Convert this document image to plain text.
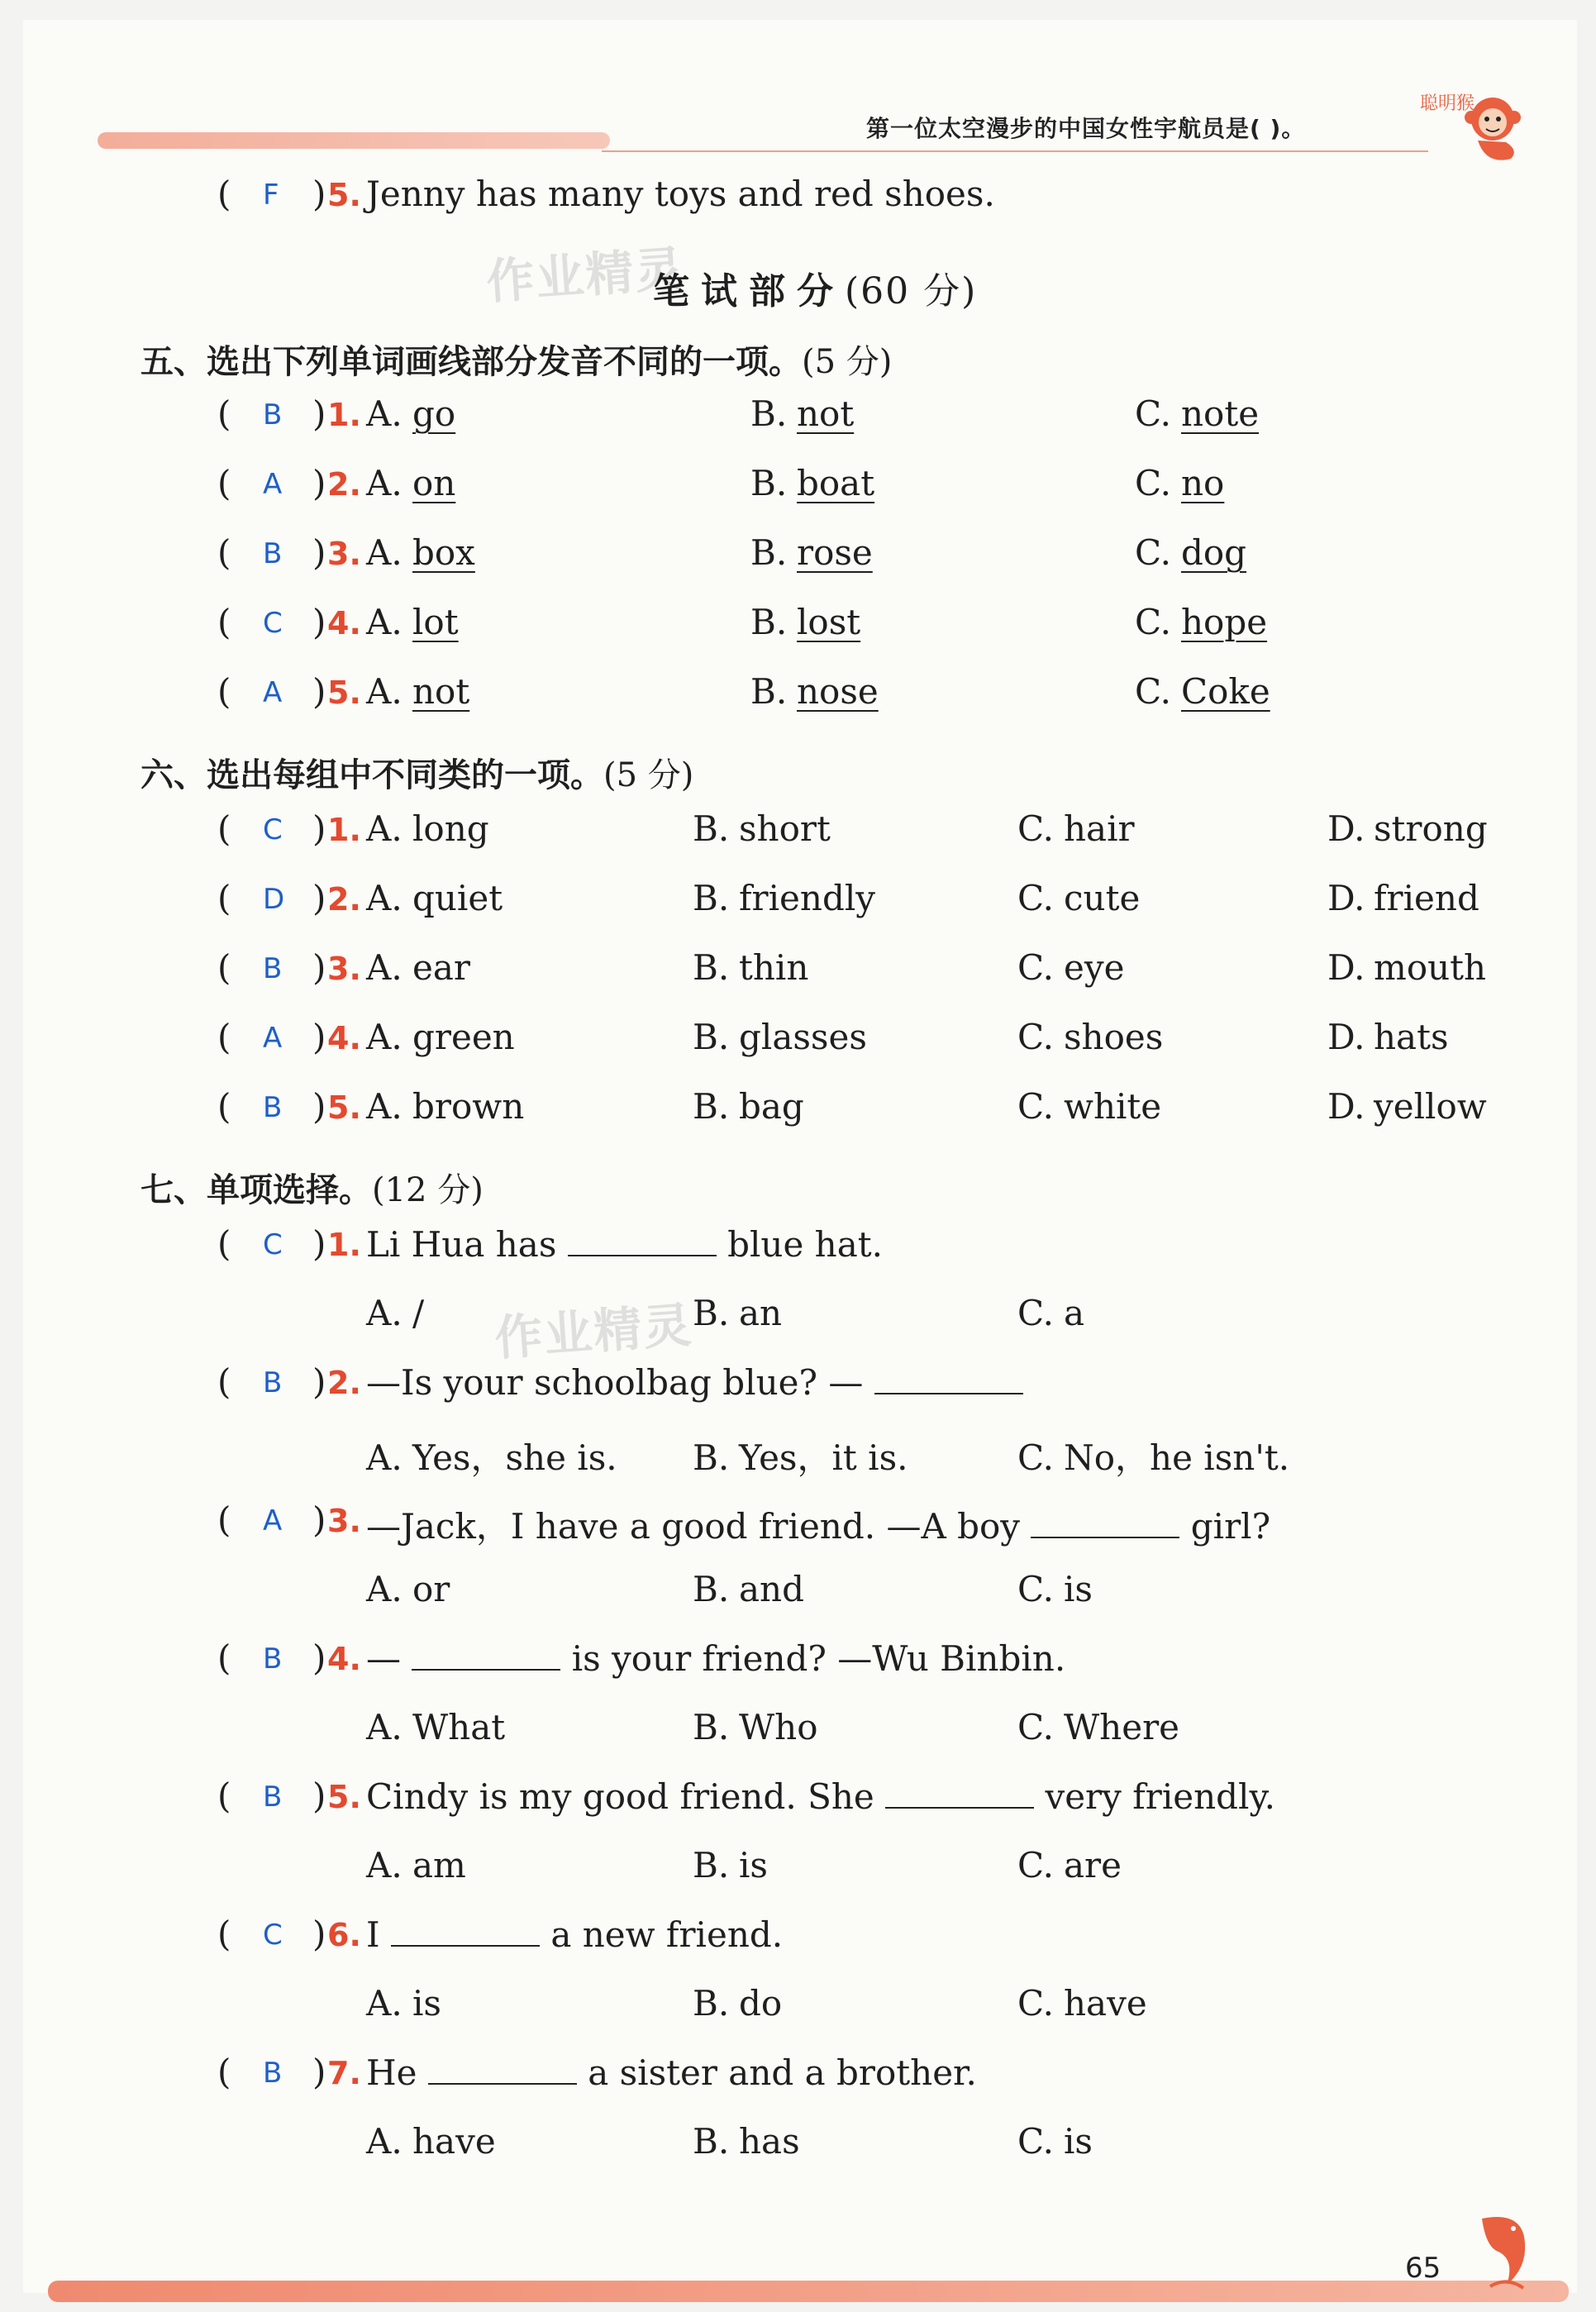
第一位太空漫步的中国女性宇航员是( )。
聪明猴
( F ) 5. Jenny has many toys and red shoes.
作业精灵
笔试部分(60 分)
五、选出下列单词画线部分发音不同的一项。(5 分)
( B ) 1. A. go	B. not	C. note
( A ) 2. A. on	B. boat	C. no
( B ) 3. A. box	B. rose	C. dog
( C ) 4. A. lot	B. lost	C. hope
( A ) 5. A. not	B. nose	C. Coke
六、选出每组中不同类的一项。(5 分)
( C ) 1. A. long	B. short	C. hair	D. strong
( D ) 2. A. quiet	B. friendly	C. cute	D. friend
( B ) 3. A. ear	B. thin	C. eye	D. mouth
( A ) 4. A. green	B. glasses	C. shoes	D. hats
( B ) 5. A. brown	B. bag	C. white	D. yellow
七、单项选择。(12 分)
( C ) 1. Li Hua has	blue hat.
A. /	B. an	C. a
( B ) 2. —Is your schoolbag blue? —
A. Yes，she is. B. Yes，it is.	C. No，he isn't.
( A ) 3. —Jack，I have a good friend. —A boy	girl?
A. or	B. and	C. is
( B ) 4. —	is your friend? —Wu Binbin.
A. What	B. Who	C. Where
( B ) 5. Cindy is my good friend. She	very friendly.
A. am	B. is	C. are
( C ) 6. I	a new friend.
A. is	B. do	C. have
( B ) 7. He	a sister and a brother.
A. have	B. has	C. is
作业精灵
65
